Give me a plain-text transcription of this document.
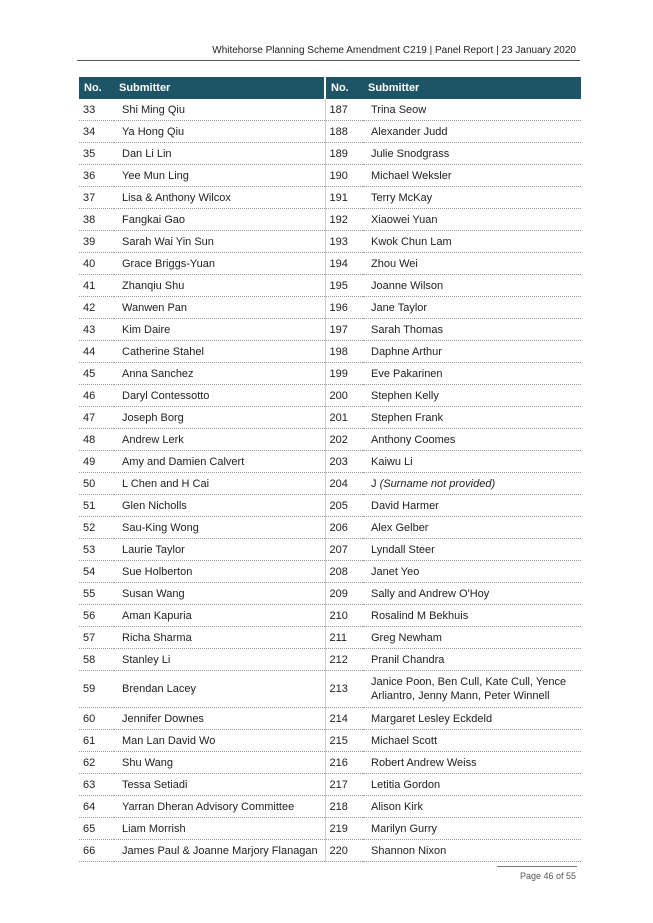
Whitehorse Planning Scheme Amendment C219 | Panel Report | 23 January 2020
No.	Submitter	No.	Submitter
33	Shi Ming Qiu	187	Trina Seow
34	Ya Hong Qiu	188	Alexander Judd
35	Dan Li Lin	189	Julie Snodgrass
36	Yee Mun Ling	190	Michael Weksler
37	Lisa & Anthony Wilcox	191	Terry McKay
38	Fangkai Gao	192	Xiaowei Yuan
39	Sarah Wai Yin Sun	193	Kwok Chun Lam
40	Grace Briggs-Yuan	194	Zhou Wei
41	Zhanqiu Shu	195	Joanne Wilson
42	Wanwen Pan	196	Jane Taylor
43	Kim Daire	197	Sarah Thomas
44	Catherine Stahel	198	Daphne Arthur
45	Anna Sanchez	199	Eve Pakarinen
46	Daryl Contessotto	200	Stephen Kelly
47	Joseph Borg	201	Stephen Frank
48	Andrew Lerk	202	Anthony Coomes
49	Amy and Damien Calvert	203	Kaiwu Li
50	L Chen and H Cai	204	J (Surname not provided)
51	Glen Nicholls	205	David Harmer
52	Sau-King Wong	206	Alex Gelber
53	Laurie Taylor	207	Lyndall Steer
54	Sue Holberton	208	Janet Yeo
55	Susan Wang	209	Sally and Andrew O'Hoy
56	Aman Kapuria	210	Rosalind M Bekhuis
57	Richa Sharma	211	Greg Newham
58	Stanley Li	212	Pranil Chandra
59	Brendan Lacey	213	Janice Poon, Ben Cull, Kate Cull, Yence Arliantro, Jenny Mann, Peter Winnell
60	Jennifer Downes	214	Margaret Lesley Eckdeld
61	Man Lan David Wo	215	Michael Scott
62	Shu Wang	216	Robert Andrew Weiss
63	Tessa Setiadi	217	Letitia Gordon
64	Yarran Dheran Advisory Committee	218	Alison Kirk
65	Liam Morrish	219	Marilyn Gurry
66	James Paul & Joanne Marjory Flanagan	220	Shannon Nixon
Page 46 of 55
